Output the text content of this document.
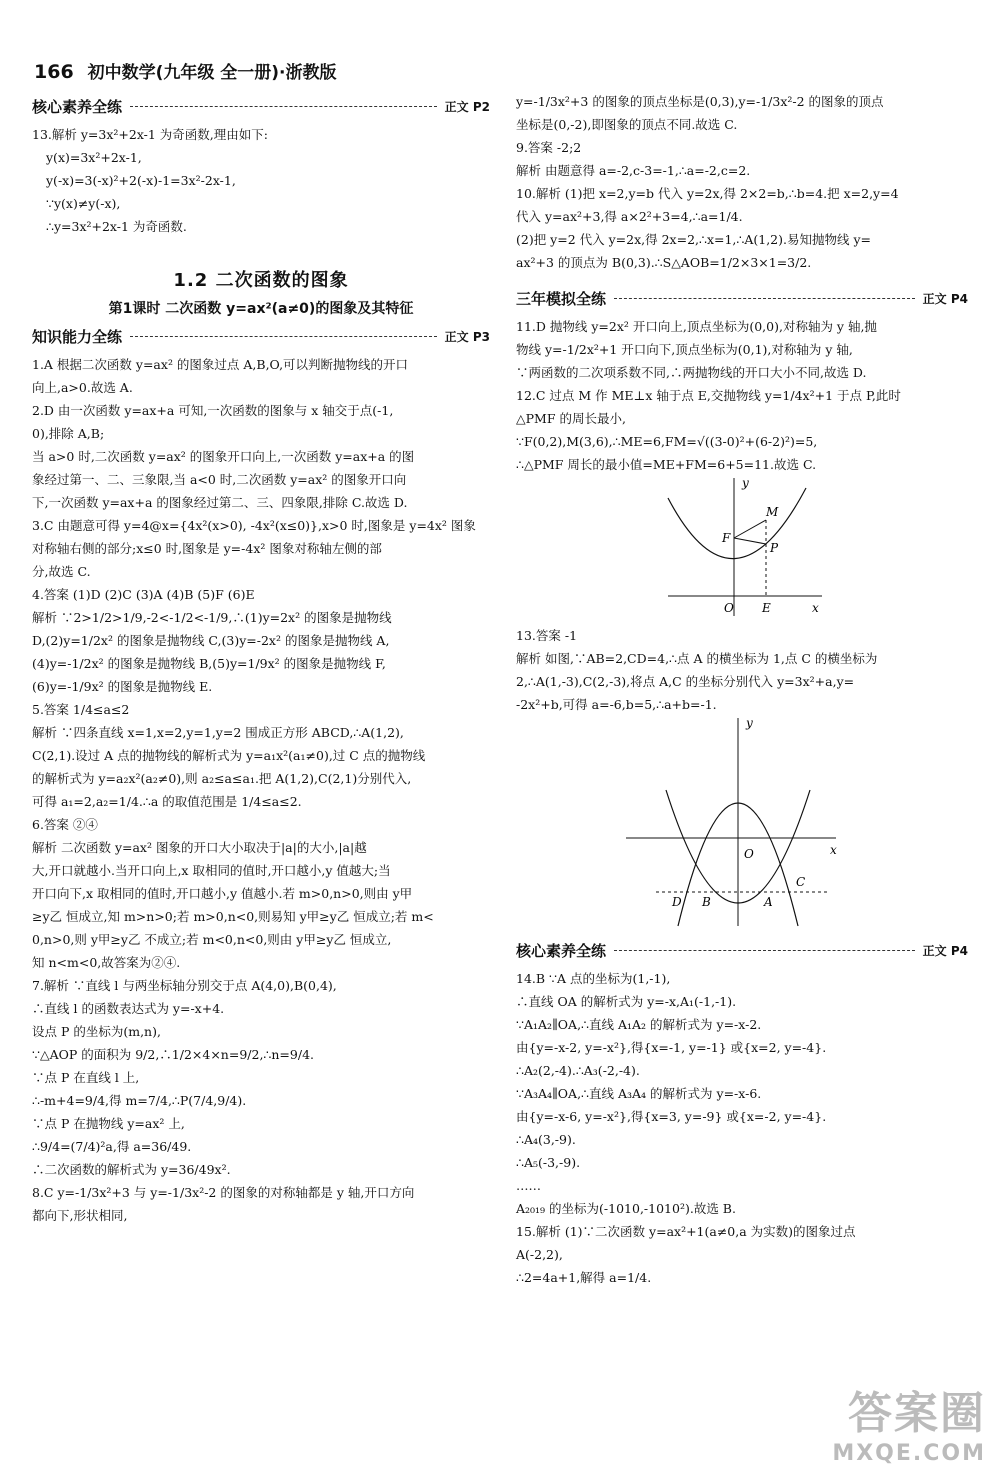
166 初中数学(九年级 全一册)·浙教版
核心素养全练	正文 P2

13.解析 y=3x²+2x-1 为奇函数,理由如下:

y(x)=3x²+2x-1,

y(-x)=3(-x)²+2(-x)-1=3x²-2x-1,

∵y(x)≠y(-x),

∴y=3x²+2x-1 为奇函数.

1.2 二次函数的图象
第1课时 二次函数 y=ax²(a≠0)的图象及其特征
知识能力全练	正文 P3

1.A 根据二次函数 y=ax² 的图象过点 A,B,O,可以判断抛物线的开口

向上,a>0.故选 A.

2.D 由一次函数 y=ax+a 可知,一次函数的图象与 x 轴交于点(-1,

0),排除 A,B;

当 a>0 时,二次函数 y=ax² 的图象开口向上,一次函数 y=ax+a 的图

象经过第一、二、三象限,当 a<0 时,二次函数 y=ax² 的图象开口向

下,一次函数 y=ax+a 的图象经过第二、三、四象限,排除 C.故选 D.

3.C 由题意可得 y=4@x={4x²(x>0), -4x²(x≤0)},x>0 时,图象是 y=4x² 图象

对称轴右侧的部分;x≤0 时,图象是 y=-4x² 图象对称轴左侧的部

分,故选 C.

4.答案 (1)D (2)C (3)A (4)B (5)F (6)E

解析 ∵2>1/2>1/9,-2<-1/2<-1/9,∴(1)y=2x² 的图象是抛物线

D,(2)y=1/2x² 的图象是抛物线 C,(3)y=-2x² 的图象是抛物线 A,

(4)y=-1/2x² 的图象是抛物线 B,(5)y=1/9x² 的图象是抛物线 F,

(6)y=-1/9x² 的图象是抛物线 E.

5.答案 1/4≤a≤2

解析 ∵四条直线 x=1,x=2,y=1,y=2 围成正方形 ABCD,∴A(1,2),

C(2,1).设过 A 点的抛物线的解析式为 y=a₁x²(a₁≠0),过 C 点的抛物线

的解析式为 y=a₂x²(a₂≠0),则 a₂≤a≤a₁.把 A(1,2),C(2,1)分别代入,

可得 a₁=2,a₂=1/4.∴a 的取值范围是 1/4≤a≤2.

6.答案 ②④

解析 二次函数 y=ax² 图象的开口大小取决于|a|的大小,|a|越

大,开口就越小.当开口向上,x 取相同的值时,开口越小,y 值越大;当

开口向下,x 取相同的值时,开口越小,y 值越小.若 m>0,n>0,则由 y甲

≥y乙 恒成立,知 m>n>0;若 m>0,n<0,则易知 y甲≥y乙 恒成立;若 m<

0,n>0,则 y甲≥y乙 不成立;若 m<0,n<0,则由 y甲≥y乙 恒成立,

知 n<m<0,故答案为②④.

7.解析 ∵直线 l 与两坐标轴分别交于点 A(4,0),B(0,4),

∴直线 l 的函数表达式为 y=-x+4.

设点 P 的坐标为(m,n),

∵△AOP 的面积为 9/2,∴1/2×4×n=9/2,∴n=9/4.

∵点 P 在直线 l 上,

∴-m+4=9/4,得 m=7/4,∴P(7/4,9/4).

∵点 P 在抛物线 y=ax² 上,

∴9/4=(7/4)²a,得 a=36/49.

∴二次函数的解析式为 y=36/49x².

8.C y=-1/3x²+3 与 y=-1/3x²-2 的图象的对称轴都是 y 轴,开口方向

都向下,形状相同,

y=-1/3x²+3 的图象的顶点坐标是(0,3),y=-1/3x²-2 的图象的顶点

坐标是(0,-2),即图象的顶点不同.故选 C.

9.答案 -2;2

解析 由题意得 a=-2,c-3=-1,∴a=-2,c=2.

10.解析 (1)把 x=2,y=b 代入 y=2x,得 2×2=b,∴b=4.把 x=2,y=4

代入 y=ax²+3,得 a×2²+3=4,∴a=1/4.

(2)把 y=2 代入 y=2x,得 2x=2,∴x=1,∴A(1,2).易知抛物线 y=

ax²+3 的顶点为 B(0,3).∴S△AOB=1/2×3×1=3/2.

三年模拟全练	正文 P4

11.D 抛物线 y=2x² 开口向上,顶点坐标为(0,0),对称轴为 y 轴,抛

物线 y=-1/2x²+1 开口向下,顶点坐标为(0,1),对称轴为 y 轴,

∵两函数的二次项系数不同,∴两抛物线的开口大小不同,故选 D.

12.C 过点 M 作 ME⊥x 轴于点 E,交抛物线 y=1/4x²+1 于点 P,此时

△PMF 的周长最小,

∵F(0,2),M(3,6),∴ME=6,FM=√((3-0)²+(6-2)²)=5,

∴△PMF 周长的最小值=ME+FM=6+5=11.故选 C.

y
x
O E
F
M
P

13.答案 -1

解析 如图,∵AB=2,CD=4,∴点 A 的横坐标为 1,点 C 的横坐标为

2,∴A(1,-3),C(2,-3),将点 A,C 的坐标分别代入 y=3x²+a,y=

-2x²+b,可得 a=-6,b=5,∴a+b=-1.

y
x
O
A
B
C
D
核心素养全练	正文 P4

14.B ∵A 点的坐标为(1,-1),

∴直线 OA 的解析式为 y=-x,A₁(-1,-1).

∵A₁A₂∥OA,∴直线 A₁A₂ 的解析式为 y=-x-2.

由{y=-x-2, y=-x²},得{x=-1, y=-1} 或{x=2, y=-4}.

∴A₂(2,-4).∴A₃(-2,-4).

∵A₃A₄∥OA,∴直线 A₃A₄ 的解析式为 y=-x-6.

由{y=-x-6, y=-x²},得{x=3, y=-9} 或{x=-2, y=-4}.

∴A₄(3,-9).

∴A₅(-3,-9).

……

A₂₀₁₉ 的坐标为(-1010,-1010²).故选 B.

15.解析 (1)∵二次函数 y=ax²+1(a≠0,a 为实数)的图象过点

A(-2,2),

∴2=4a+1,解得 a=1/4.

答案圈
MXQE.COM
